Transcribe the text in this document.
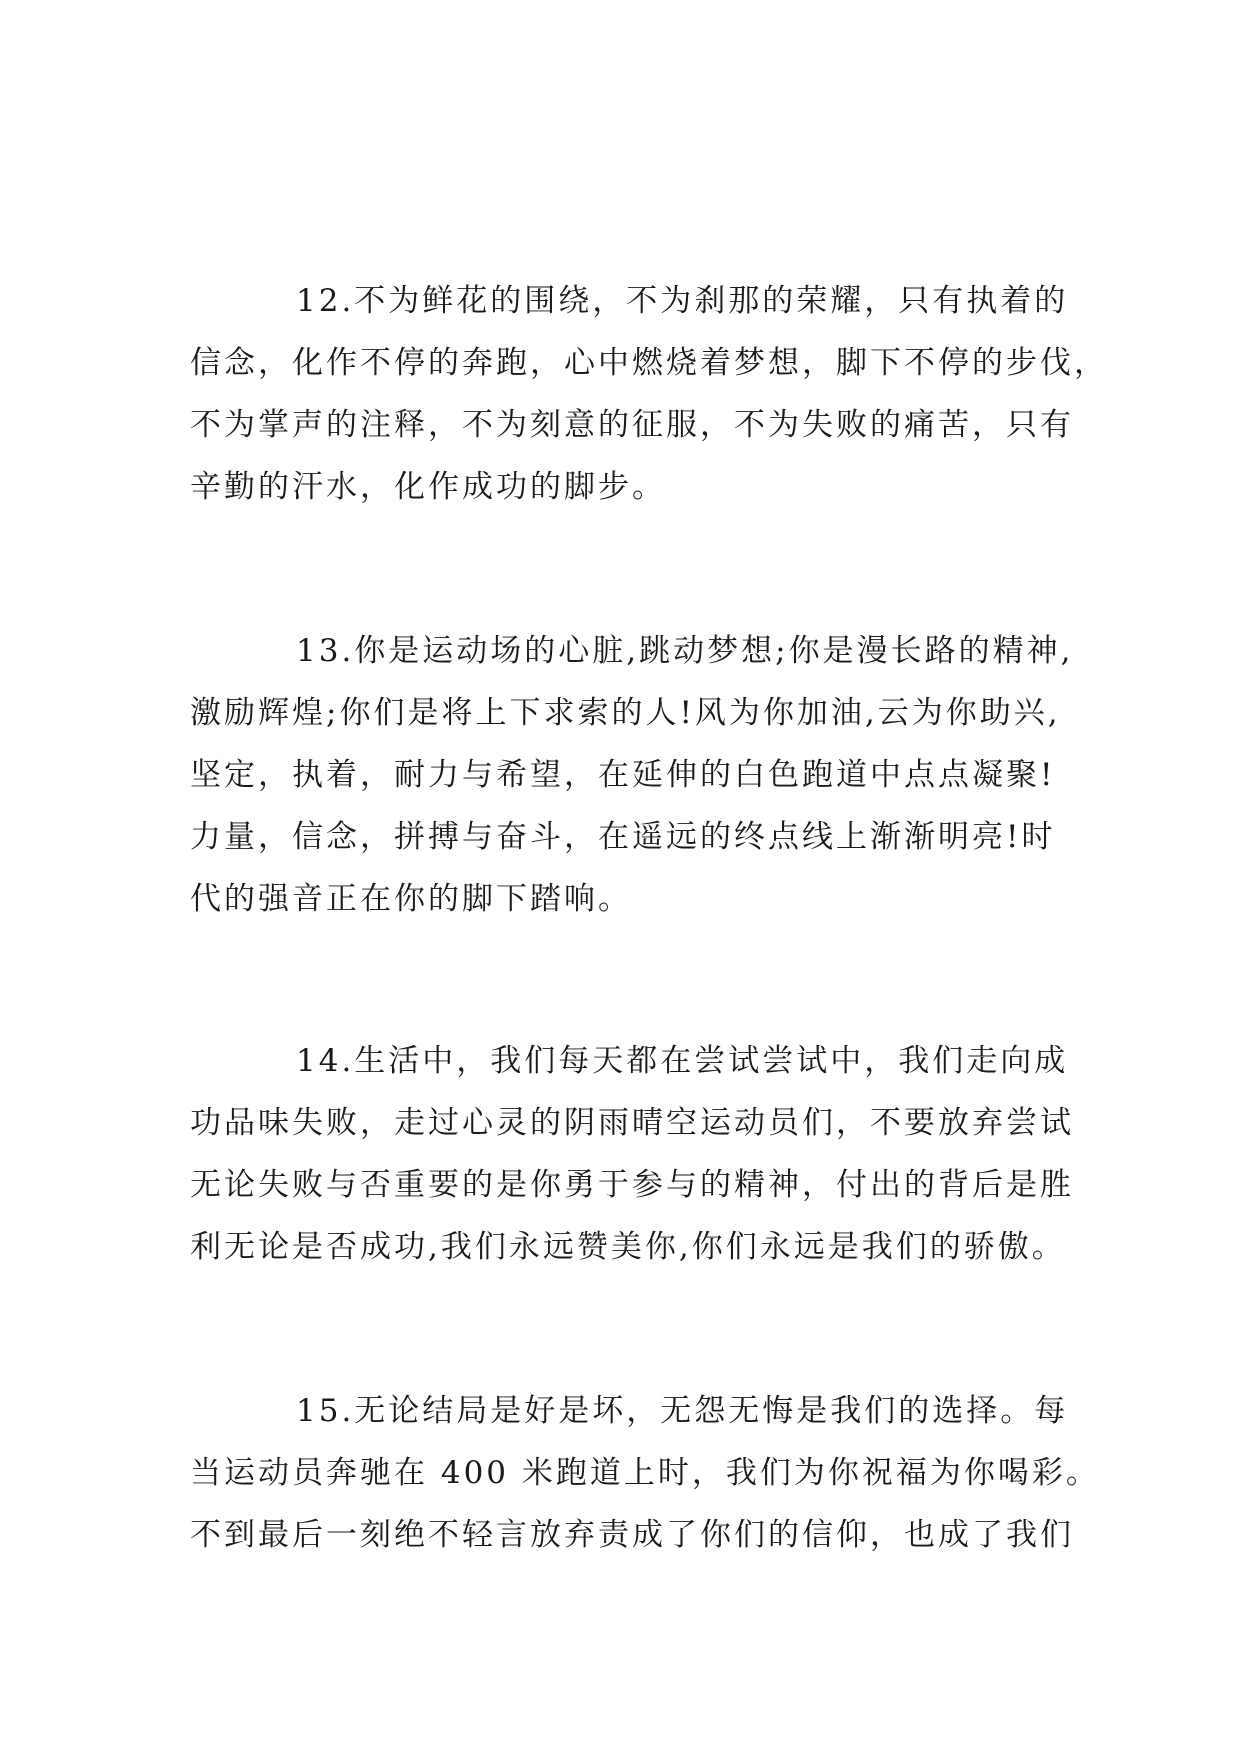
12.不为鲜花的围绕，不为刹那的荣耀，只有执着的
信念，化作不停的奔跑，心中燃烧着梦想，脚下不停的步伐，
不为掌声的注释，不为刻意的征服，不为失败的痛苦，只有
辛勤的汗水，化作成功的脚步。
13.你是运动场的心脏,跳动梦想;你是漫长路的精神,
激励辉煌;你们是将上下求索的人!风为你加油,云为你助兴,
坚定，执着，耐力与希望，在延伸的白色跑道中点点凝聚!
力量，信念，拼搏与奋斗，在遥远的终点线上渐渐明亮!时
代的强音正在你的脚下踏响。
14.生活中，我们每天都在尝试尝试中，我们走向成
功品味失败，走过心灵的阴雨晴空运动员们，不要放弃尝试
无论失败与否重要的是你勇于参与的精神，付出的背后是胜
利无论是否成功,我们永远赞美你,你们永远是我们的骄傲。
15.无论结局是好是坏，无怨无悔是我们的选择。每
当运动员奔驰在 400 米跑道上时，我们为你祝福为你喝彩。
不到最后一刻绝不轻言放弃责成了你们的信仰，也成了我们
